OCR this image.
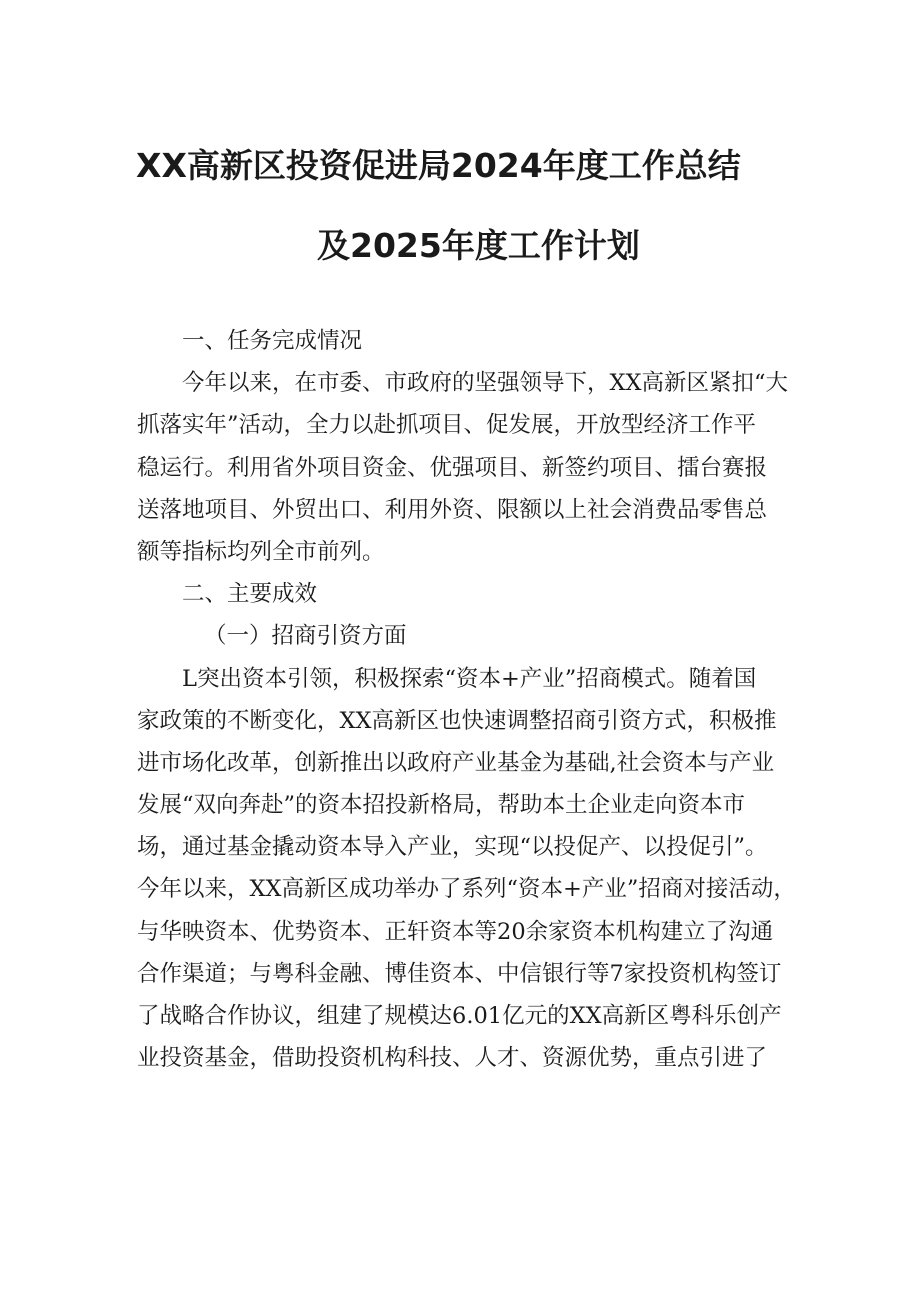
XX高新区投资促进局2024年度工作总结
及2025年度工作计划
一、任务完成情况
今年以来，在市委、市政府的坚强领导下，XX高新区紧扣“大
抓落实年”活动，全力以赴抓项目、促发展，开放型经济工作平
稳运行。利用省外项目资金、优强项目、新签约项目、擂台赛报
送落地项目、外贸出口、利用外资、限额以上社会消费品零售总
额等指标均列全市前列。
二、主要成效
（一）招商引资方面
L突出资本引领，积极探索“资本+产业”招商模式。随着国
家政策的不断变化，XX高新区也快速调整招商引资方式，积极推
进市场化改革，创新推出以政府产业基金为基础,社会资本与产业
发展“双向奔赴”的资本招投新格局，帮助本土企业走向资本市
场，通过基金撬动资本导入产业，实现“以投促产、以投促引”。
今年以来，XX高新区成功举办了系列“资本+产业”招商对接活动，
与华映资本、优势资本、正轩资本等20余家资本机构建立了沟通
合作渠道；与粤科金融、博佳资本、中信银行等7家投资机构签订
了战略合作协议，组建了规模达6.01亿元的XX高新区粤科乐创产
业投资基金，借助投资机构科技、人才、资源优势，重点引进了
